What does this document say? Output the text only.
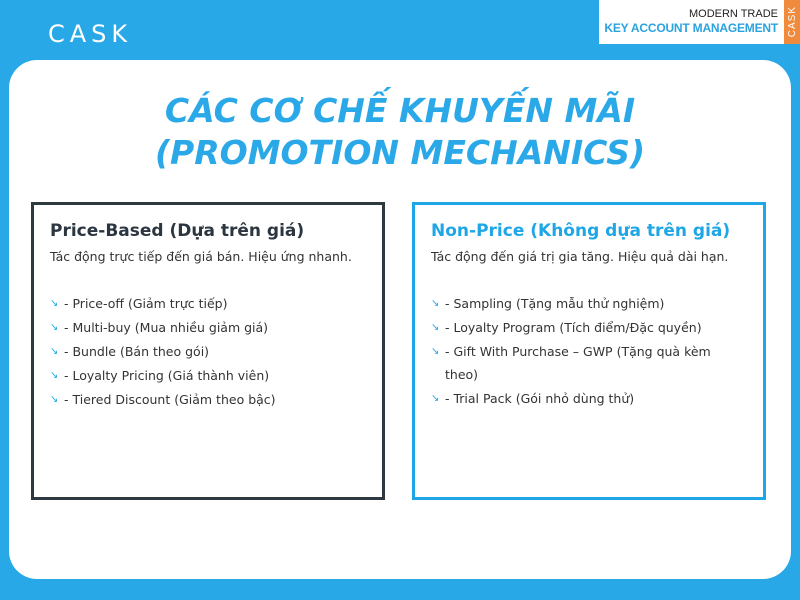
CASK
MODERN TRADE
KEY ACCOUNT MANAGEMENT CASK
CÁC CƠ CHẾ KHUYẾN MÃI
(PROMOTION MECHANICS)
Price-Based (Dựa trên giá)
Tác động trực tiếp đến giá bán. Hiệu ứng nhanh.
↘ - Price-off (Giảm trực tiếp)
↘ - Multi-buy (Mua nhiều giảm giá)
↘ - Bundle (Bán theo gói)
↘ - Loyalty Pricing (Giá thành viên)
↘ - Tiered Discount (Giảm theo bậc)
Non-Price (Không dựa trên giá)
Tác động đến giá trị gia tăng. Hiệu quả dài hạn.
↘ - Sampling (Tặng mẫu thử nghiệm)
↘ - Loyalty Program (Tích điểm/Đặc quyền)
↘ - Gift With Purchase – GWP (Tặng quà kèm theo)
↘ - Trial Pack (Gói nhỏ dùng thử)
